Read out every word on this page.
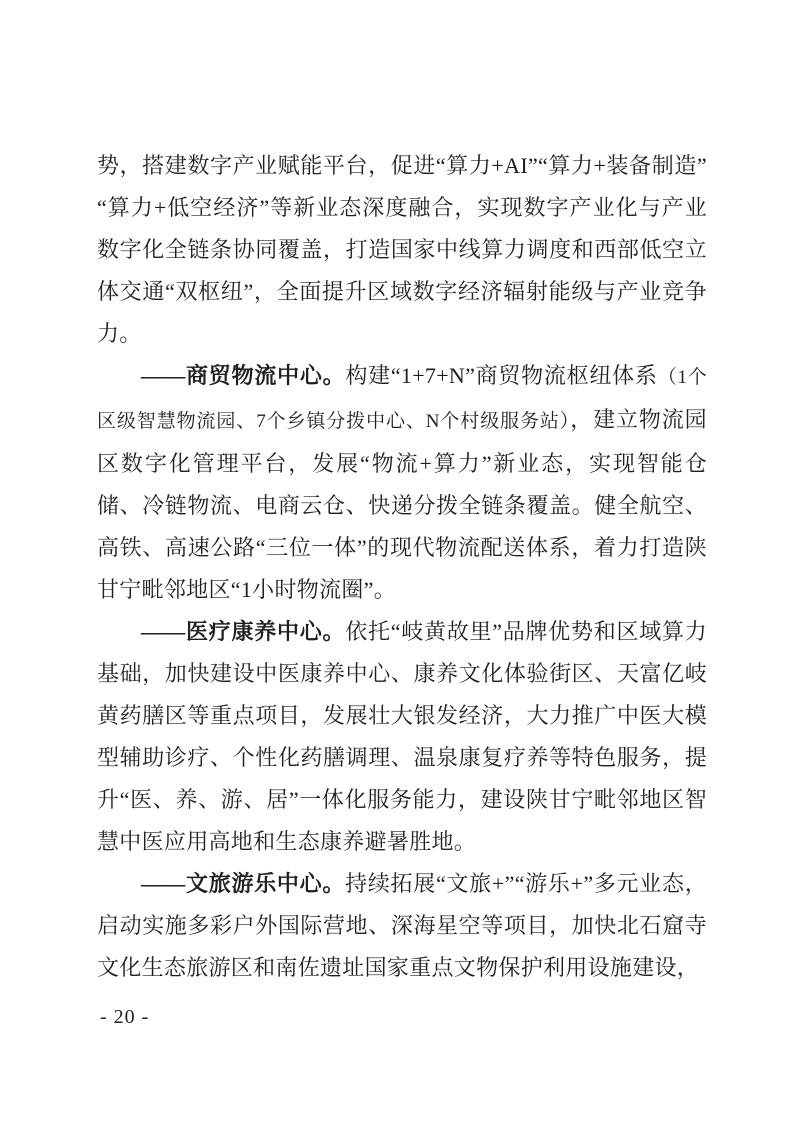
势，搭建数字产业赋能平台，促进“算力+AI”“算力+装备制造”“算力+低空经济”等新业态深度融合，实现数字产业化与产业数字化全链条协同覆盖，打造国家中线算力调度和西部低空立体交通“双枢纽”，全面提升区域数字经济辐射能级与产业竞争力。

——商贸物流中心。构建“1+7+N”商贸物流枢纽体系（1个区级智慧物流园、7个乡镇分拨中心、N个村级服务站），建立物流园区数字化管理平台，发展“物流+算力”新业态，实现智能仓储、冷链物流、电商云仓、快递分拨全链条覆盖。健全航空、高铁、高速公路“三位一体”的现代物流配送体系，着力打造陕甘宁毗邻地区“1小时物流圈”。

——医疗康养中心。依托“岐黄故里”品牌优势和区域算力基础，加快建设中医康养中心、康养文化体验街区、天富亿岐黄药膳区等重点项目，发展壮大银发经济，大力推广中医大模型辅助诊疗、个性化药膳调理、温泉康复疗养等特色服务，提升“医、养、游、居”一体化服务能力，建设陕甘宁毗邻地区智慧中医应用高地和生态康养避暑胜地。

——文旅游乐中心。持续拓展“文旅+”“游乐+”多元业态，启动实施多彩户外国际营地、深海星空等项目，加快北石窟寺文化生态旅游区和南佐遗址国家重点文物保护利用设施建设，

- 20 -
